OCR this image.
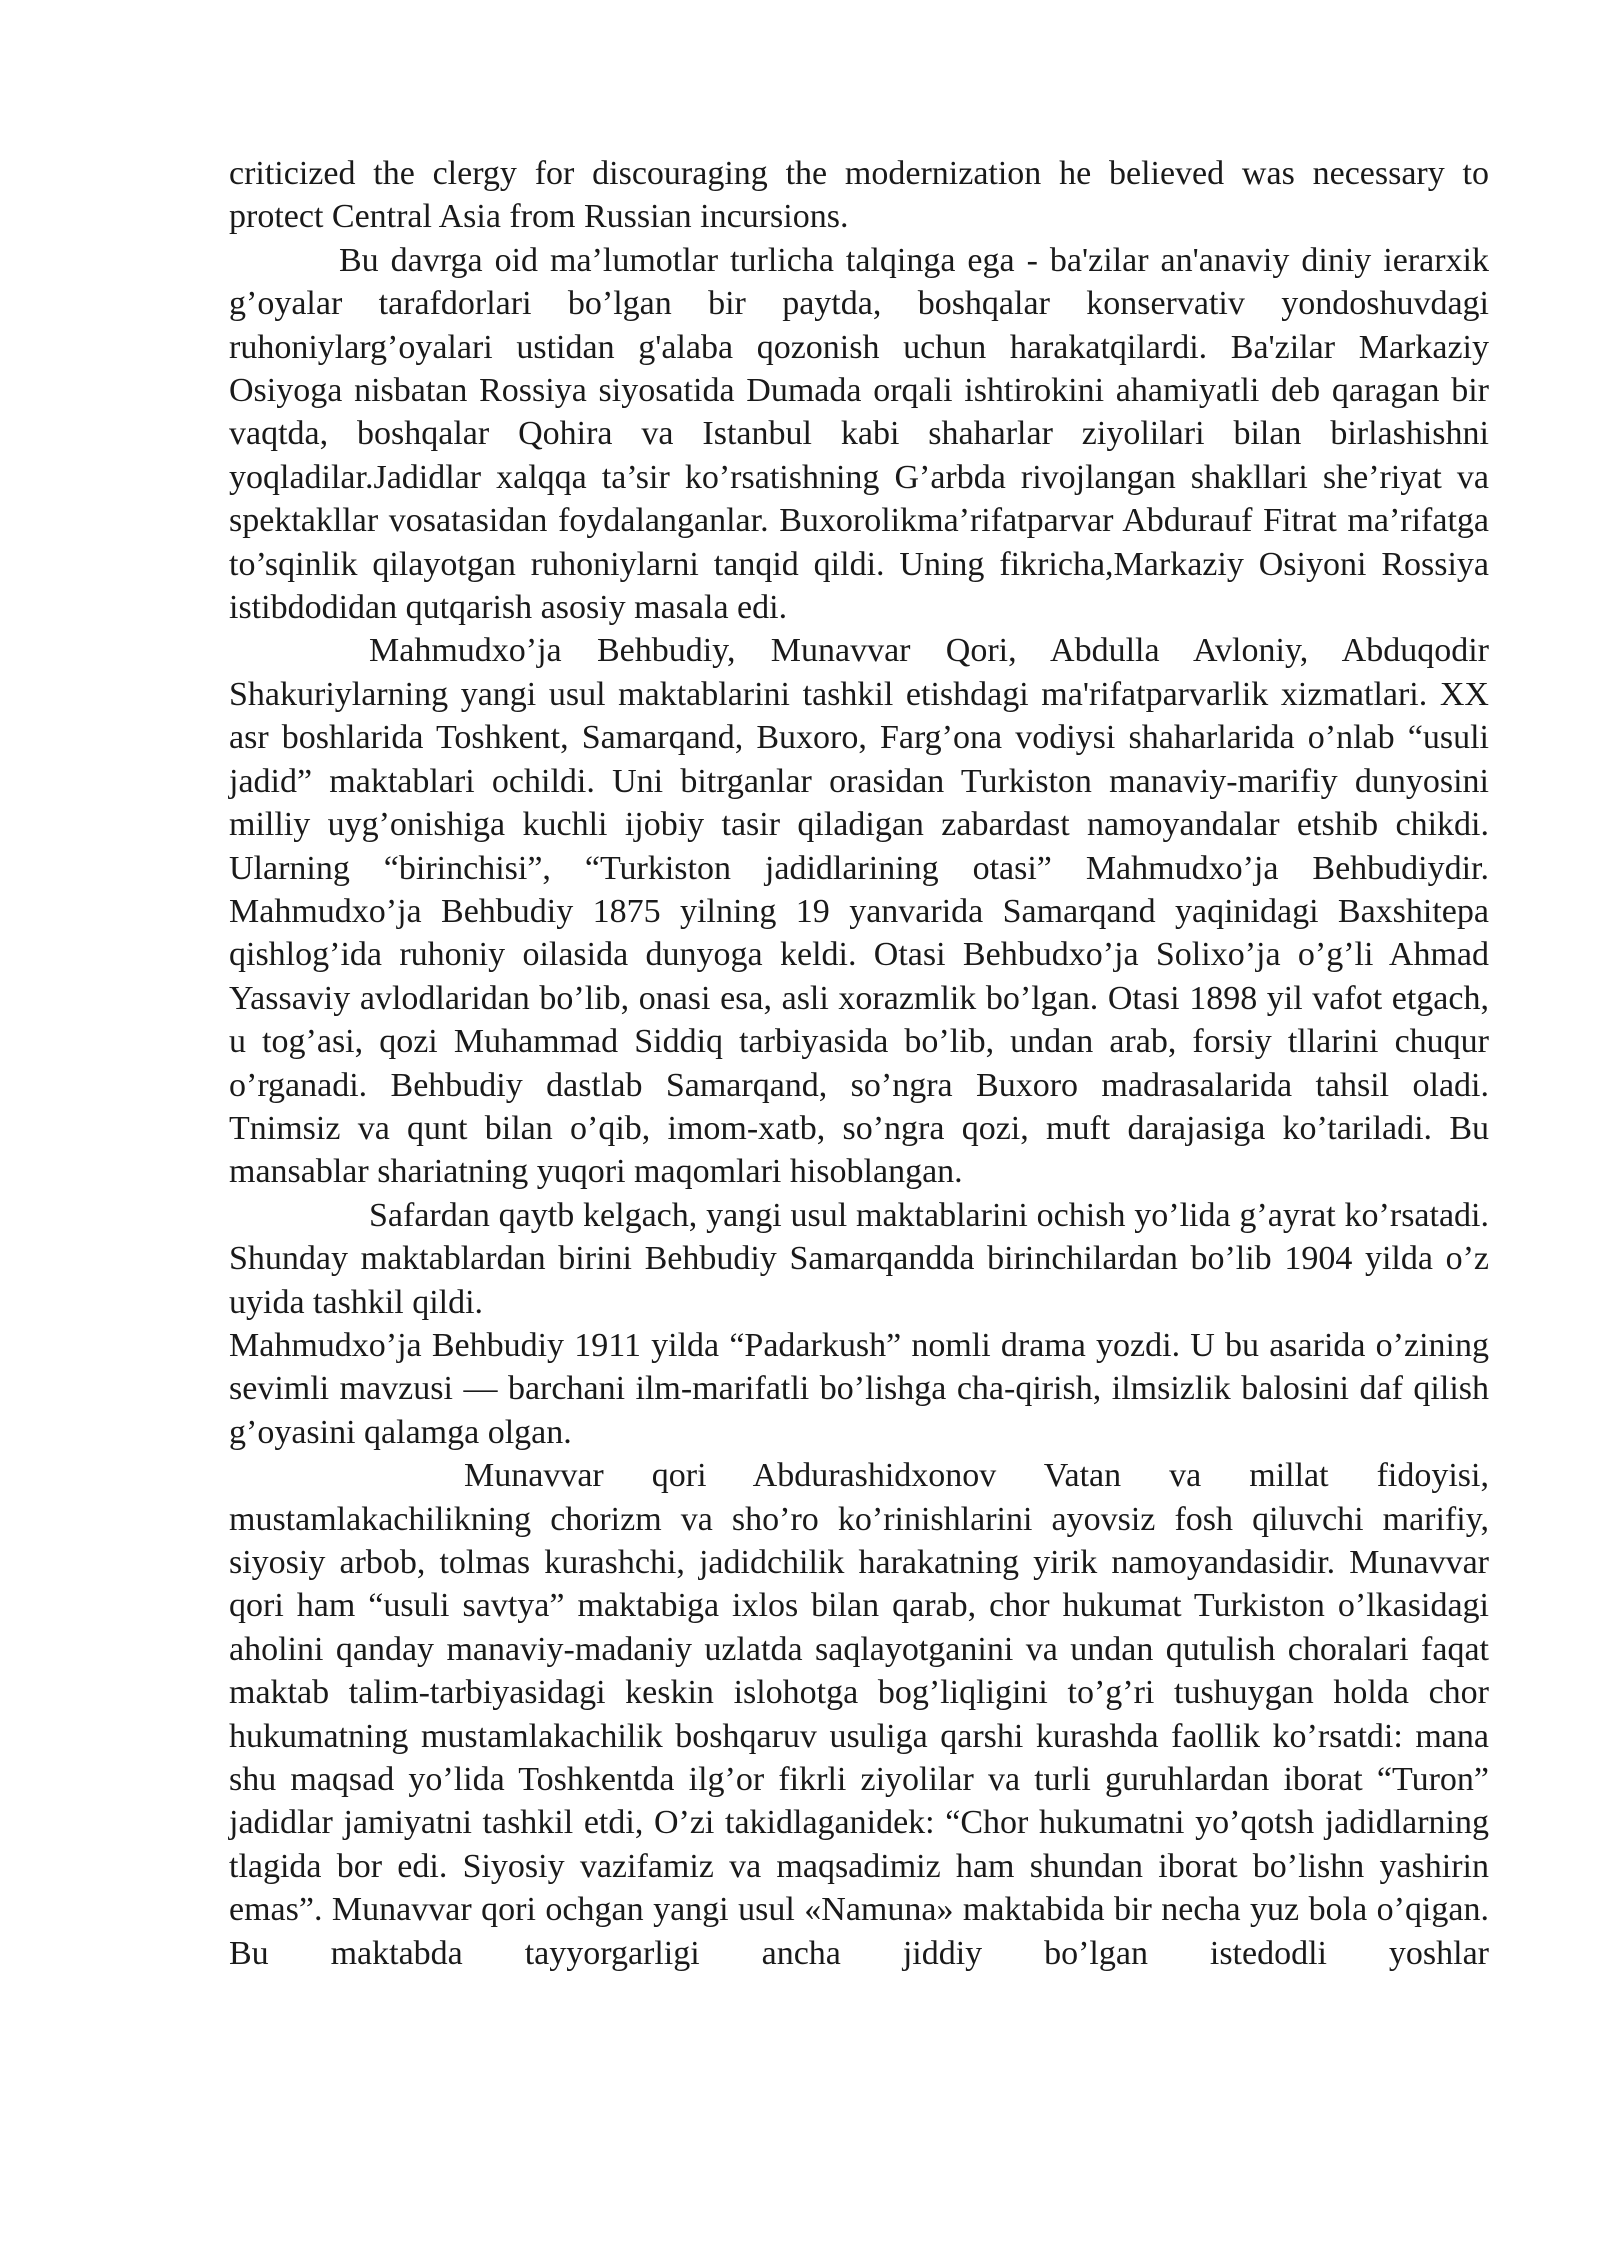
criticized the clergy for discouraging the modernization he believed was necessary to protect Central Asia from Russian incursions.

Bu davrga oid ma’lumotlar turlicha talqinga ega - ba'zilar an'anaviy diniy ierarxik g’oyalar tarafdorlari bo’lgan bir paytda, boshqalar konservativ yondoshuvdagi ruhoniylarg’oyalari ustidan g'alaba qozonish uchun harakatqilardi. Ba'zilar Markaziy Osiyoga nisbatan Rossiya siyosatida Dumada orqali ishtirokini ahamiyatli deb qaragan bir vaqtda, boshqalar Qohira va Istanbul kabi shaharlar ziyolilari bilan birlashishni yoqladilar.Jadidlar xalqqa ta’sir ko’rsatishning G’arbda rivojlangan shakllari she’riyat va spektakllar vosatasidan foydalanganlar. Buxorolikma’rifatparvar Abdurauf Fitrat ma’rifatga to’sqinlik qilayotgan ruhoniylarni tanqid qildi. Uning fikricha,Markaziy Osiyoni Rossiya istibdodidan qutqarish asosiy masala edi.

Mahmudxo’ja Behbudiy, Munavvar Qori, Abdulla Avloniy, Abduqodir Shakuriylarning yangi usul maktablarini tashkil etishdagi ma'rifatparvarlik xizmatlari. XX asr boshlarida Toshkent, Samarqand, Buxoro, Farg’ona vodiysi shaharlarida o’nlab “usuli jadid” maktablari ochildi. Uni bitrganlar orasidan Turkiston manaviy-marifiy dunyosini milliy uyg’onishiga kuchli ijobiy tasir qiladigan zabardast namoyandalar etshib chikdi. Ularning “birinchisi”, “Turkiston jadidlarining otasi” Mahmudxo’ja Behbudiydir. Mahmudxo’ja Behbudiy 1875 yilning 19 yanvarida Samarqand yaqinidagi Baxshitepa qishlog’ida ruhoniy oilasida dunyoga keldi. Otasi Behbudxo’ja Solixo’ja o’g’li Ahmad Yassaviy avlodlaridan bo’lib, onasi esa, asli xorazmlik bo’lgan. Otasi 1898 yil vafot etgach, u tog’asi, qozi Muhammad Siddiq tarbiyasida bo’lib, undan arab, forsiy tllarini chuqur o’rganadi. Behbudiy dastlab Samarqand, so’ngra Buxoro madrasalarida tahsil oladi. Tnimsiz va qunt bilan o’qib, imom-xatb, so’ngra qozi, muft darajasiga ko’tariladi. Bu mansablar shariatning yuqori maqomlari hisoblangan.

Safardan qaytb kelgach, yangi usul maktablarini ochish yo’lida g’ayrat ko’rsatadi. Shunday maktablardan birini Behbudiy Samarqandda birinchilardan bo’lib 1904 yilda o’z uyida tashkil qildi.

Mahmudxo’ja Behbudiy 1911 yilda “Padarkush” nomli drama yozdi. U bu asarida o’zining sevimli mavzusi — barchani ilm-marifatli bo’lishga cha-qirish, ilmsizlik balosini daf qilish g’oyasini qalamga olgan.

Munavvar qori Abdurashidxonov Vatan va millat fidoyisi, mustamlakachilikning chorizm va sho’ro ko’rinishlarini ayovsiz fosh qiluvchi marifiy, siyosiy arbob, tolmas kurashchi, jadidchilik harakatning yirik namoyandasidir. Munavvar qori ham “usuli savtya” maktabiga ixlos bilan qarab, chor hukumat Turkiston o’lkasidagi aholini qanday manaviy-madaniy uzlatda saqlayotganini va undan qutulish choralari faqat maktab talim-tarbiyasidagi keskin islohotga bog’liqligini to’g’ri tushuygan holda chor hukumatning mustamlakachilik boshqaruv usuliga qarshi kurashda faollik ko’rsatdi: mana shu maqsad yo’lida Toshkentda ilg’or fikrli ziyolilar va turli guruhlardan iborat “Turon” jadidlar jamiyatni tashkil etdi, O’zi takidlaganidek: “Chor hukumatni yo’qotsh jadidlarning tlagida bor edi. Siyosiy vazifamiz va maqsadimiz ham shundan iborat bo’lishn yashirin emas”. Munavvar qori ochgan yangi usul «Namuna» maktabida bir necha yuz bola o’qigan. Bu maktabda tayyorgarligi ancha jiddiy bo’lgan istedodli yoshlar
